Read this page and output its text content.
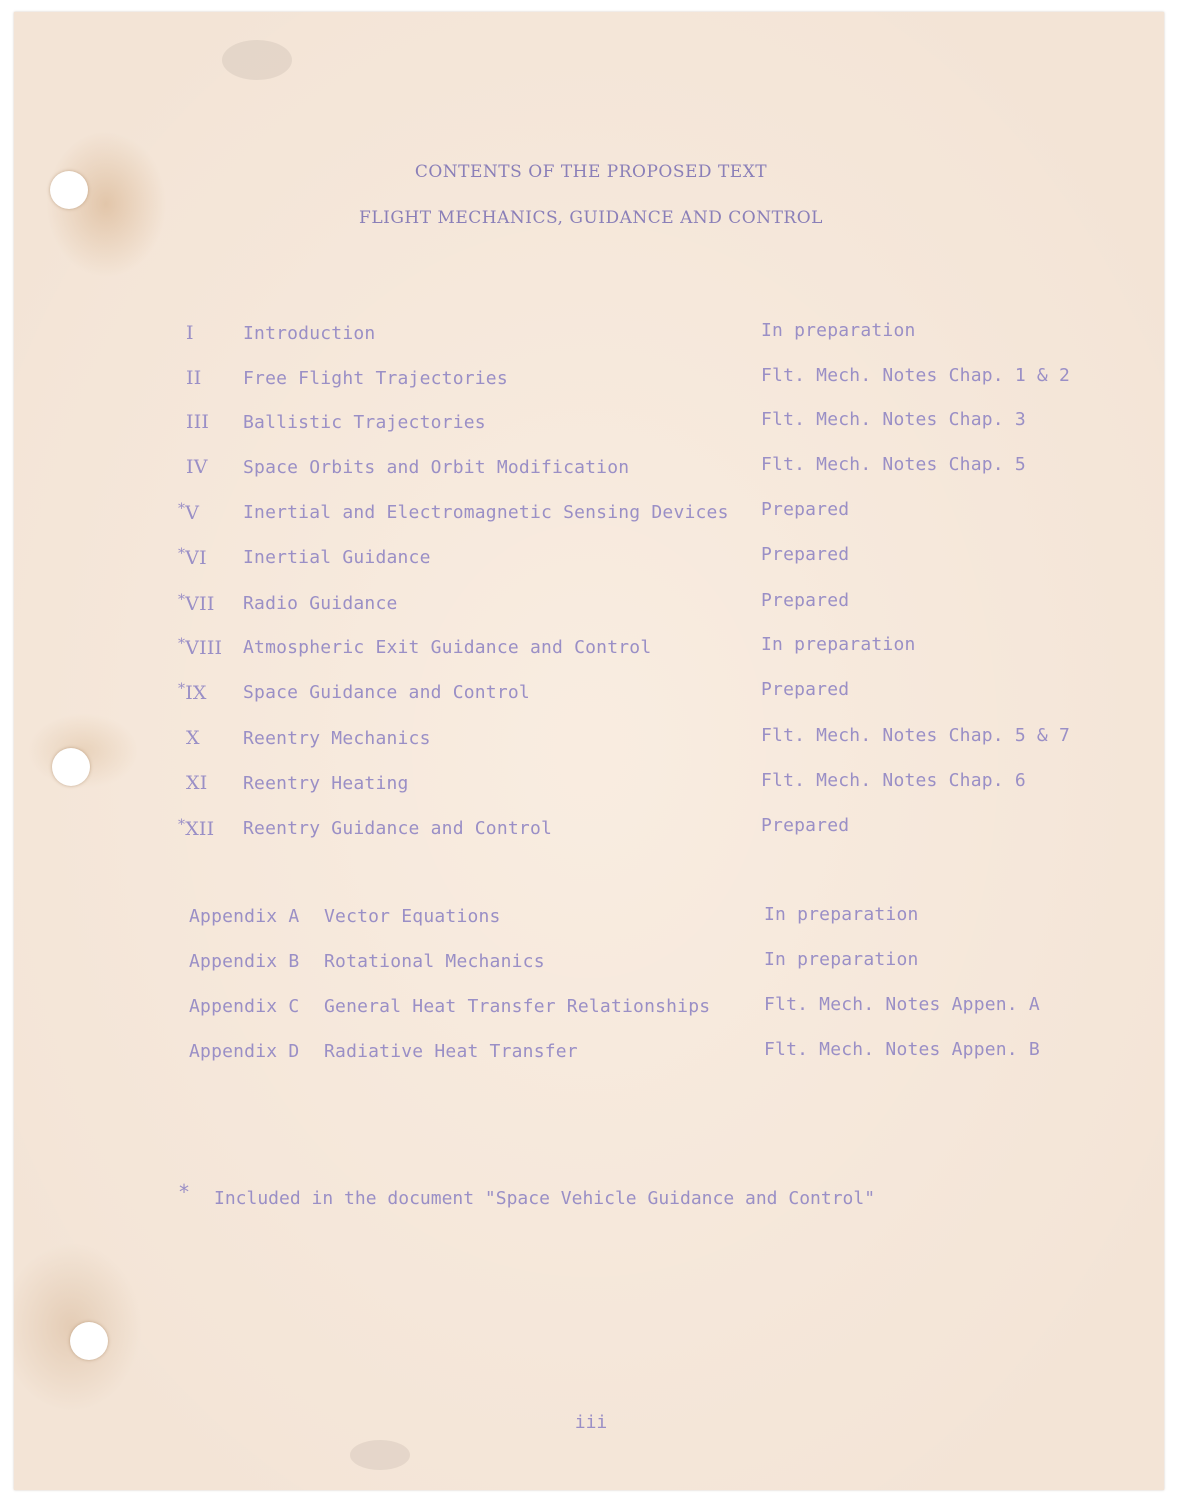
CONTENTS OF THE PROPOSED TEXT
FLIGHT MECHANICS, GUIDANCE AND CONTROL
I	Introduction	In preparation
II Free Flight Trajectories	Flt. Mech. Notes Chap. 1 & 2
III Ballistic Trajectories	Flt. Mech. Notes Chap. 3
IV Space Orbits and Orbit Modification	Flt. Mech. Notes Chap. 5
*V Inertial and Electromagnetic Sensing Devices Prepared
*VI Inertial Guidance	Prepared
*VII Radio Guidance	Prepared
*VIII Atmospheric Exit Guidance and Control	In preparation
*IX Space Guidance and Control	Prepared
X Reentry Mechanics	Flt. Mech. Notes Chap. 5 & 7
XI Reentry Heating	Flt. Mech. Notes Chap. 6
*XII Reentry Guidance and Control	Prepared
Appendix A Vector Equations	In preparation
Appendix B Rotational Mechanics	In preparation
Appendix C General Heat Transfer Relationships	Flt. Mech. Notes Appen. A
Appendix D Radiative Heat Transfer	Flt. Mech. Notes Appen. B
* Included in the document "Space Vehicle Guidance and Control"
iii
